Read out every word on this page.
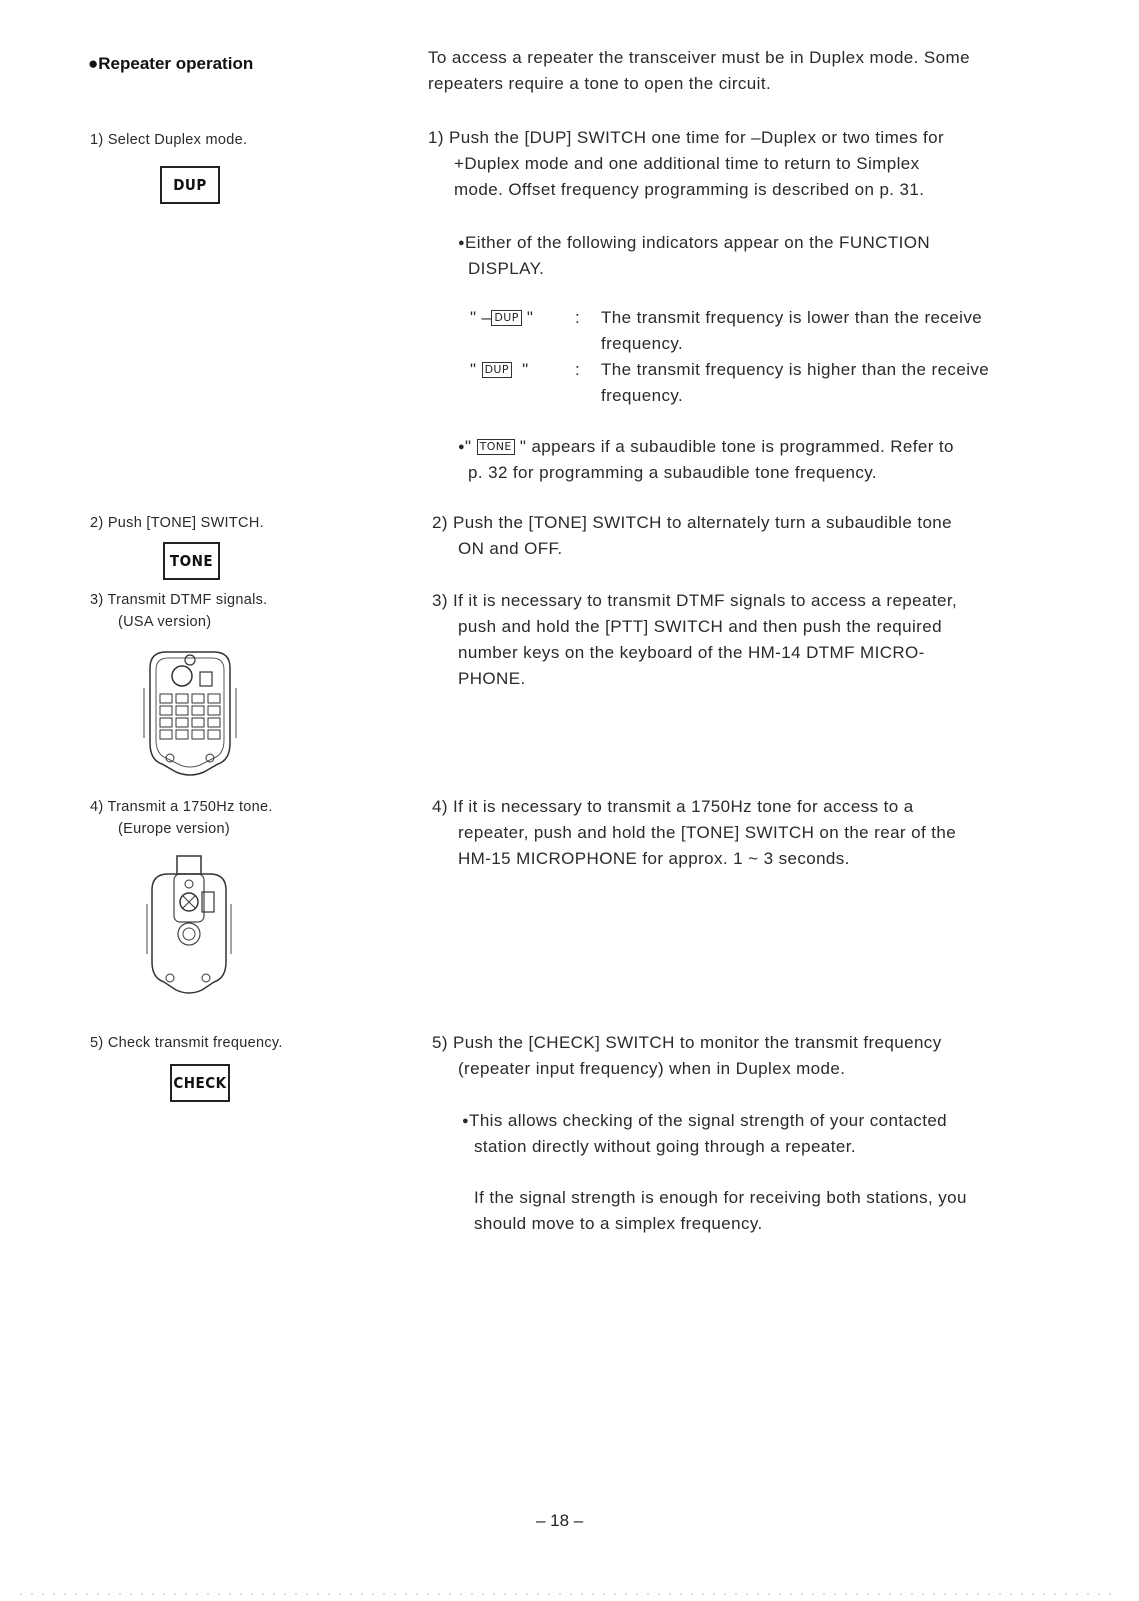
●Repeater operation
1) Select Duplex mode.
DUP
2) Push [TONE] SWITCH.
TONE
3) Transmit DTMF signals.
(USA version)
4) Transmit a 1750Hz tone.
(Europe version)
5) Check transmit frequency.
CHECK
To access a repeater the transceiver must be in Duplex mode. Some
repeaters require a tone to open the circuit.
1) Push the [DUP] SWITCH one time for –Duplex or two times for
+Duplex mode and one additional time to return to Simplex
mode. Offset frequency programming is described on p. 31.
●Either of the following indicators appear on the FUNCTION
DISPLAY.
" – DUP " : The transmit frequency is lower than the receive
frequency.
" DUP  "	: The transmit frequency is higher than the receive
frequency.
●" TONE " appears if a subaudible tone is programmed. Refer to
p. 32 for programming a subaudible tone frequency.
2) Push the [TONE] SWITCH to alternately turn a subaudible tone
ON and OFF.
3) If it is necessary to transmit DTMF signals to access a repeater,
push and hold the [PTT] SWITCH and then push the required
number keys on the keyboard of the HM-14 DTMF MICRO-
PHONE.
4) If it is necessary to transmit a 1750Hz tone for access to a
repeater, push and hold the [TONE] SWITCH on the rear of the
HM-15 MICROPHONE for approx. 1 ~ 3 seconds.
5) Push the [CHECK] SWITCH to monitor the transmit frequency
(repeater input frequency) when in Duplex mode.
●This allows checking of the signal strength of your contacted
station directly without going through a repeater.
If the signal strength is enough for receiving both stations, you
should move to a simplex frequency.
– 18 –
